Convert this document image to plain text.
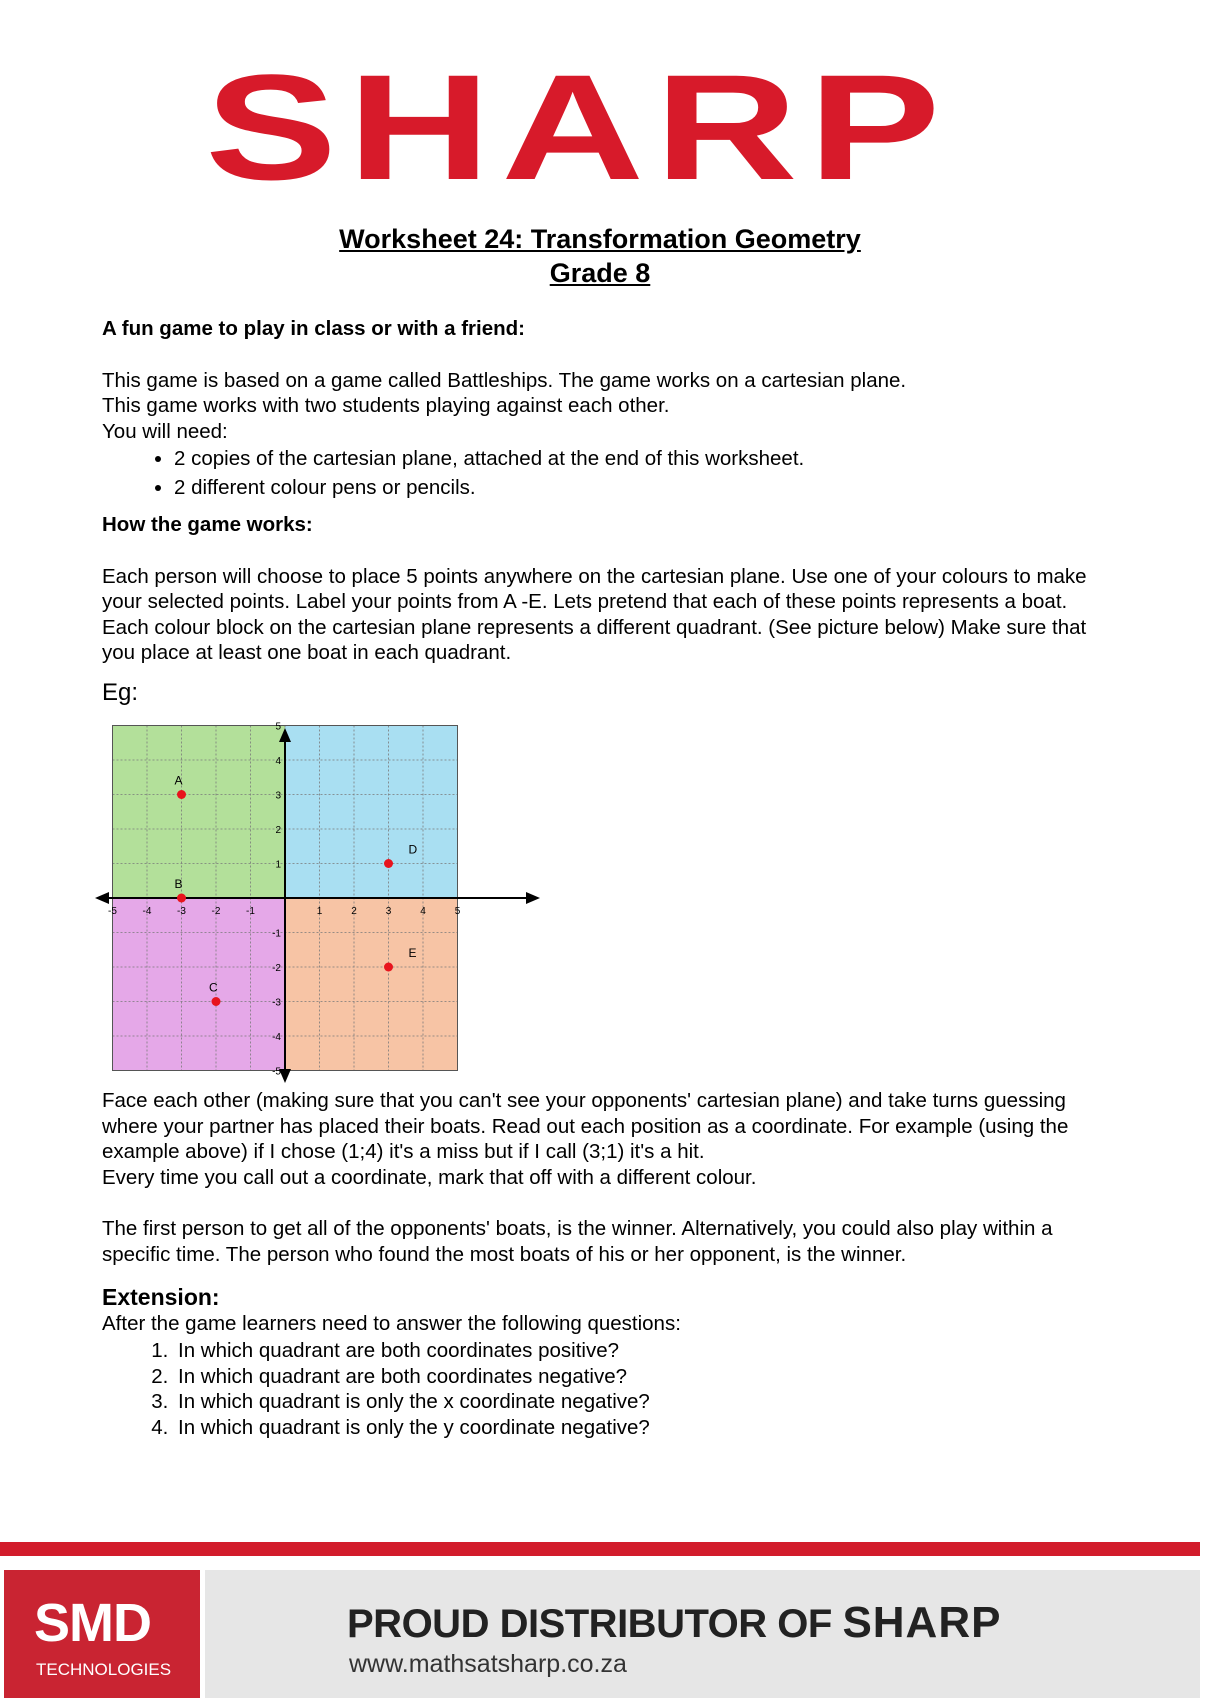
SHARP
Worksheet 24: Transformation Geometry
Grade 8

A fun game to play in class or with a friend:

This game is based on a game called Battleships. The game works on a cartesian plane.

This game works with two students playing against each other.

You will need:

• 2 copies of the cartesian plane, attached at the end of this worksheet.
• 2 different colour pens or pencils.

How the game works:

Each person will choose to place 5 points anywhere on the cartesian plane. Use one of your colours to make your selected points. Label your points from A -E. Lets pretend that each of these points represents a boat. Each colour block on the cartesian plane represents a different quadrant. (See picture below) Make sure that you place at least one boat in each quadrant.

Eg:

-5	-4	-3	-2	-1	1	2	3	4	5
5
4
3
2
1
-1
-2
-3
-4
-5
A
B
C
D
E

Face each other (making sure that you can't see your opponents' cartesian plane) and take turns guessing where your partner has placed their boats. Read out each position as a coordinate. For example (using the example above) if I chose (1;4) it's a miss but if I call (3;1) it's a hit.

Every time you call out a coordinate, mark that off with a different colour.

The first person to get all of the opponents' boats, is the winner. Alternatively, you could also play within a specific time. The person who found the most boats of his or her opponent, is the winner.

Extension:

After the game learners need to answer the following questions:

1. In which quadrant are both coordinates positive?
2. In which quadrant are both coordinates negative?
3. In which quadrant is only the x coordinate negative?
4. In which quadrant is only the y coordinate negative?
SMD
TECHNOLOGIES
PROUD DISTRIBUTOR OF SHARP
www.mathsatsharp.co.za
